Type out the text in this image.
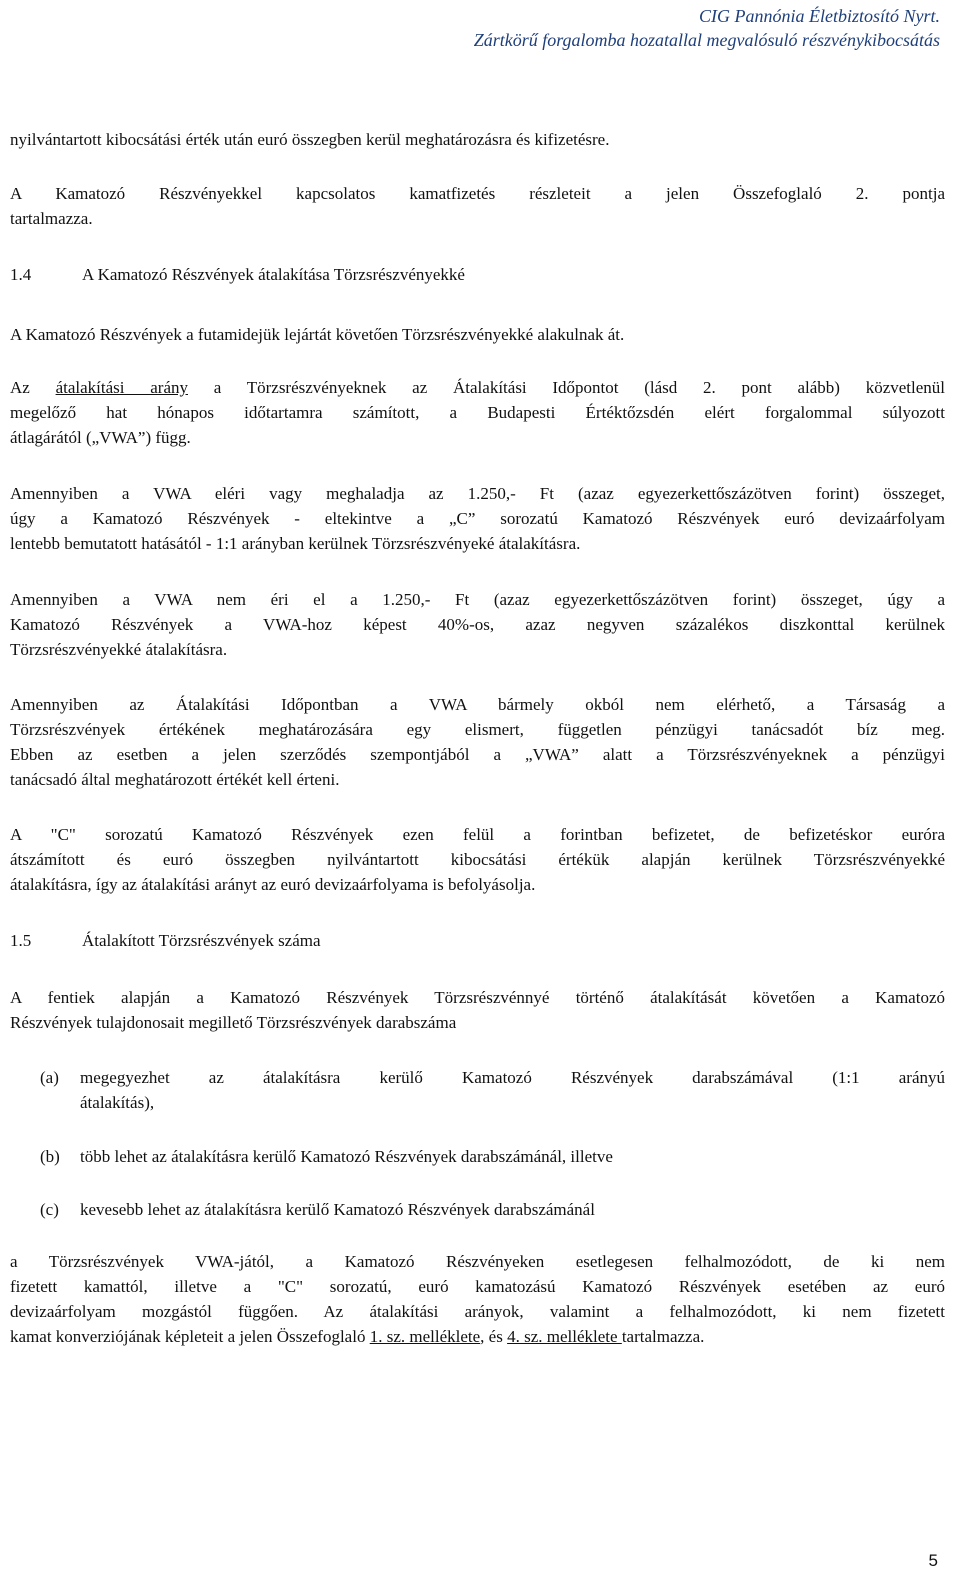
CIG Pannónia Életbiztosító Nyrt.
Zártkörű forgalomba hozatallal megvalósuló részvénykibocsátás
nyilvántartott kibocsátási érték után euró összegben kerül meghatározásra és kifizetésre.
A Kamatozó Részvényekkel kapcsolatos kamatfizetés részleteit a jelen Összefoglaló 2. pontja
tartalmazza.
1.4	A Kamatozó Részvények átalakítása Törzsrészvényekké
A Kamatozó Részvények a futamidejük lejártát követően Törzsrészvényekké alakulnak át.
Az átalakítási arány a Törzsrészvényeknek az Átalakítási Időpontot (lásd 2. pont alább) közvetlenül
megelőző hat hónapos időtartamra számított, a Budapesti Értéktőzsdén elért forgalommal súlyozott
átlagárától („VWA”) függ.
Amennyiben a VWA eléri vagy meghaladja az 1.250,- Ft (azaz egyezerkettőszázötven forint) összeget,
úgy a Kamatozó Részvények - eltekintve a „C” sorozatú Kamatozó Részvények euró devizaárfolyam
lentebb bemutatott hatásától - 1:1 arányban kerülnek Törzsrészvényeké átalakításra.
Amennyiben a VWA nem éri el a 1.250,- Ft (azaz egyezerkettőszázötven forint) összeget, úgy a
Kamatozó Részvények a VWA-hoz képest 40%-os, azaz negyven százalékos diszkonttal kerülnek
Törzsrészvényekké átalakításra.
Amennyiben az Átalakítási Időpontban a VWA bármely okból nem elérhető, a Társaság a
Törzsrészvények értékének meghatározására egy elismert, független pénzügyi tanácsadót bíz meg.
Ebben az esetben a jelen szerződés szempontjából a „VWA” alatt a Törzsrészvényeknek a pénzügyi
tanácsadó által meghatározott értékét kell érteni.
A "C" sorozatú Kamatozó Részvények ezen felül a forintban befizetet, de befizetéskor euróra
átszámított és euró összegben nyilvántartott kibocsátási értékük alapján kerülnek Törzsrészvényekké
átalakításra, így az átalakítási arányt az euró devizaárfolyama is befolyásolja.
1.5	Átalakított Törzsrészvények száma
A fentiek alapján a Kamatozó Részvények Törzsrészvénnyé történő átalakítását követően a Kamatozó
Részvények tulajdonosait megillető Törzsrészvények darabszáma
(a) megegyezhet az átalakításra kerülő Kamatozó Részvények darabszámával (1:1 arányú
átalakítás),
(b) több lehet az átalakításra kerülő Kamatozó Részvények darabszámánál, illetve
(c) kevesebb lehet az átalakításra kerülő Kamatozó Részvények darabszámánál
a Törzsrészvények VWA-jától, a Kamatozó Részvényeken esetlegesen felhalmozódott, de ki nem
fizetett kamattól, illetve a "C" sorozatú, euró kamatozású Kamatozó Részvények esetében az euró
devizaárfolyam mozgástól függően. Az átalakítási arányok, valamint a felhalmozódott, ki nem fizetett
kamat konverziójának képleteit a jelen Összefoglaló 1. sz. melléklete, és 4. sz. melléklete tartalmazza.
5
